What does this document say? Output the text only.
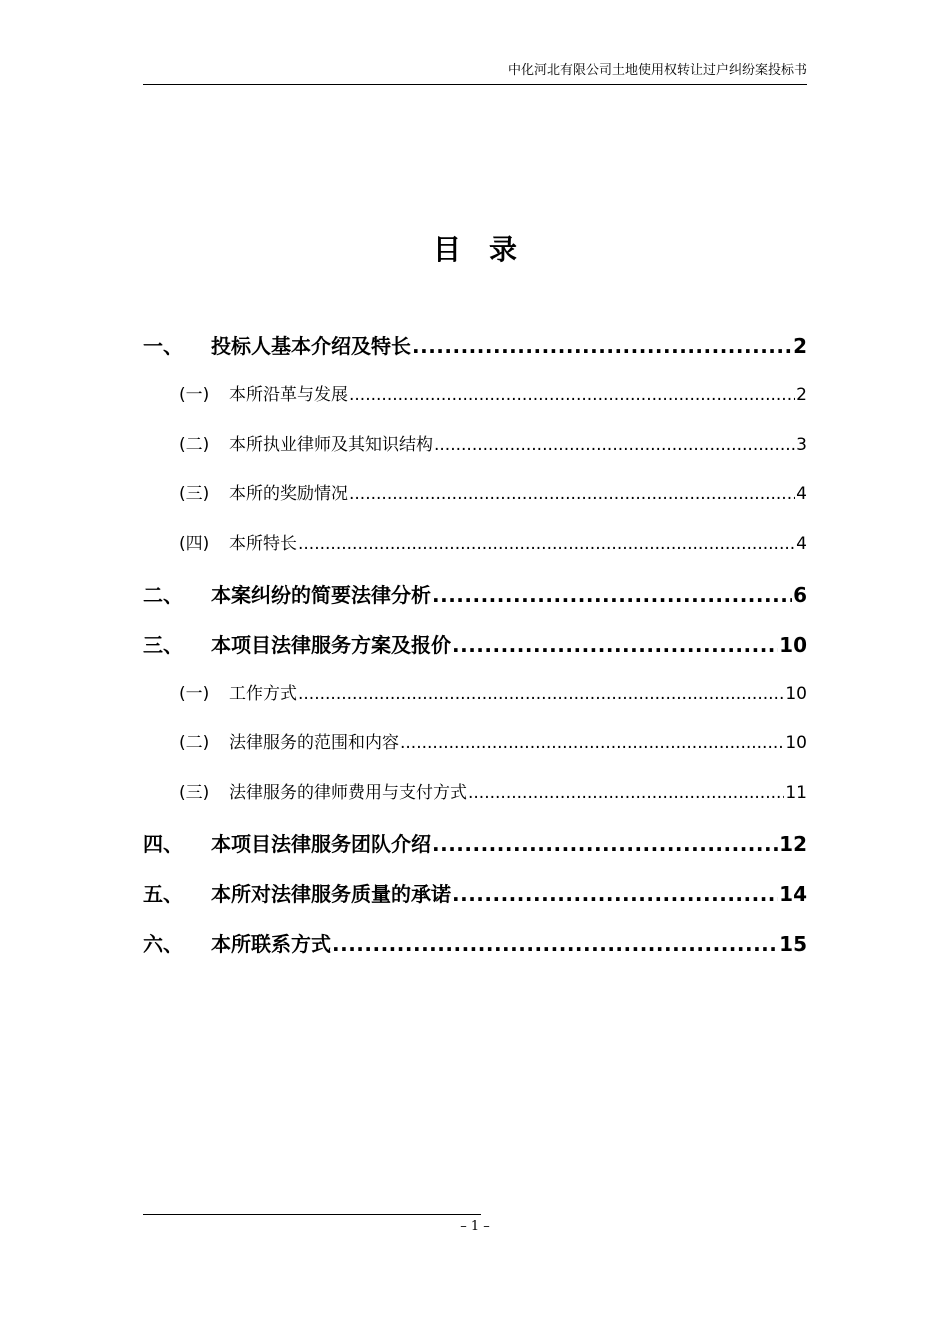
中化河北有限公司土地使用权转让过户纠纷案投标书
目录
一、	投标人基本介绍及特长 .....	2
(一)	本所沿革与发展 .....	2
(二)	本所执业律师及其知识结构 .....	3
(三)	本所的奖励情况 .....	4
(四)	本所特长 .....	4
二、	本案纠纷的简要法律分析 .....	6
三、	本项目法律服务方案及报价 .....	10
(一)	工作方式 .....	10
(二)	法律服务的范围和内容 .....	10
(三)	法律服务的律师费用与支付方式 .....	11
四、	本项目法律服务团队介绍 .....	12
五、	本所对法律服务质量的承诺 .....	14
六、	本所联系方式 .....	15
– 1 –
